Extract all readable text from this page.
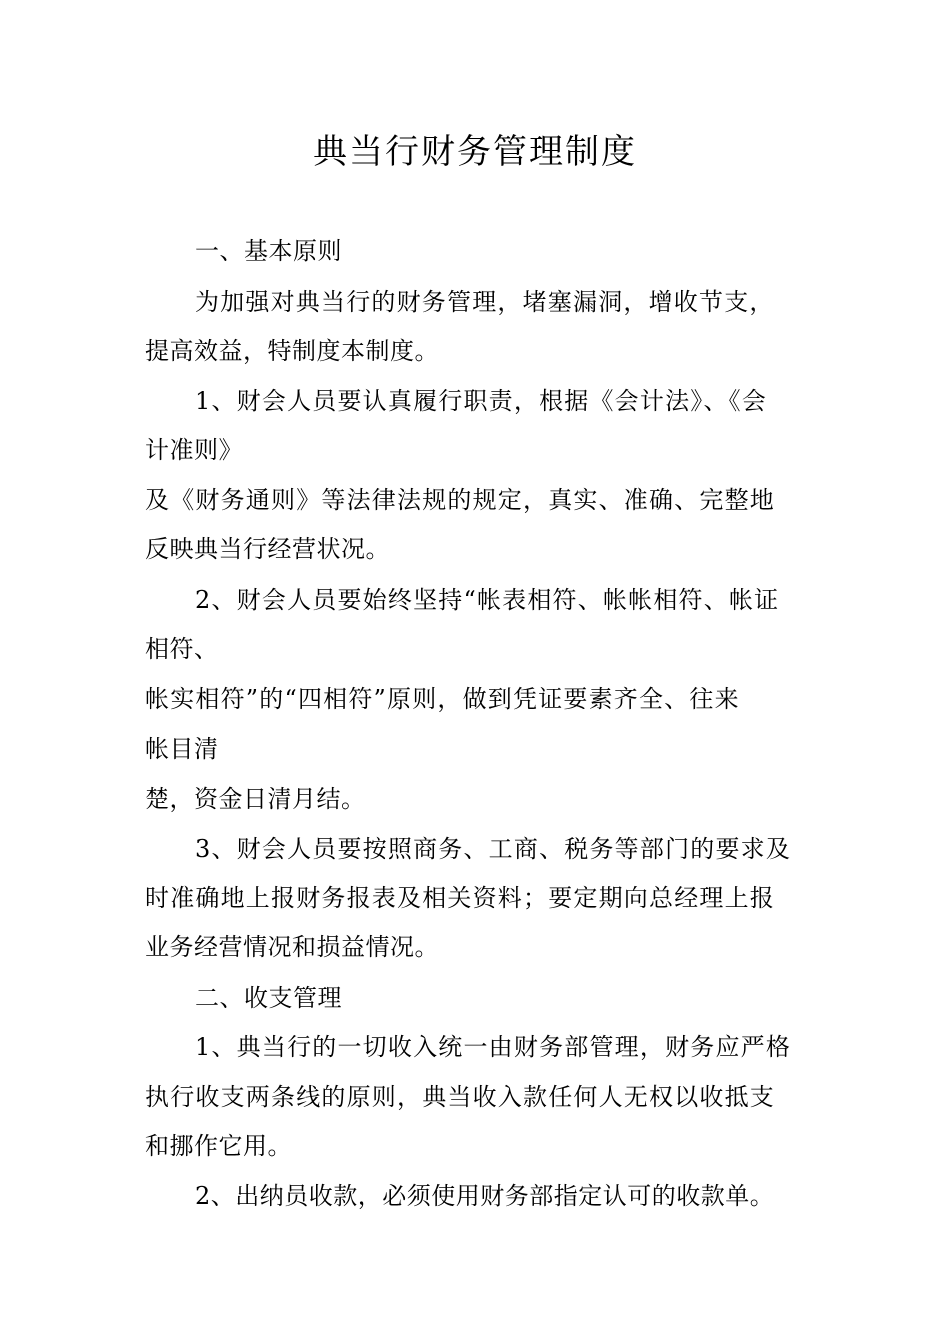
典当行财务管理制度
一、基本原则
为加强对典当行的财务管理，堵塞漏洞，增收节支，
提高效益，特制度本制度。
1、财会人员要认真履行职责，根据《会计法》、《会
计准则》
及《财务通则》等法律法规的规定，真实、准确、完整地
反映典当行经营状况。
2、财会人员要始终坚持“帐表相符、帐帐相符、帐证
相符、
帐实相符”的“四相符”原则，做到凭证要素齐全、往来
帐目清
楚，资金日清月结。
3、财会人员要按照商务、工商、税务等部门的要求及
时准确地上报财务报表及相关资料；要定期向总经理上报
业务经营情况和损益情况。
二、收支管理
1、典当行的一切收入统一由财务部管理，财务应严格
执行收支两条线的原则，典当收入款任何人无权以收抵支
和挪作它用。
2、出纳员收款，必须使用财务部指定认可的收款单。
